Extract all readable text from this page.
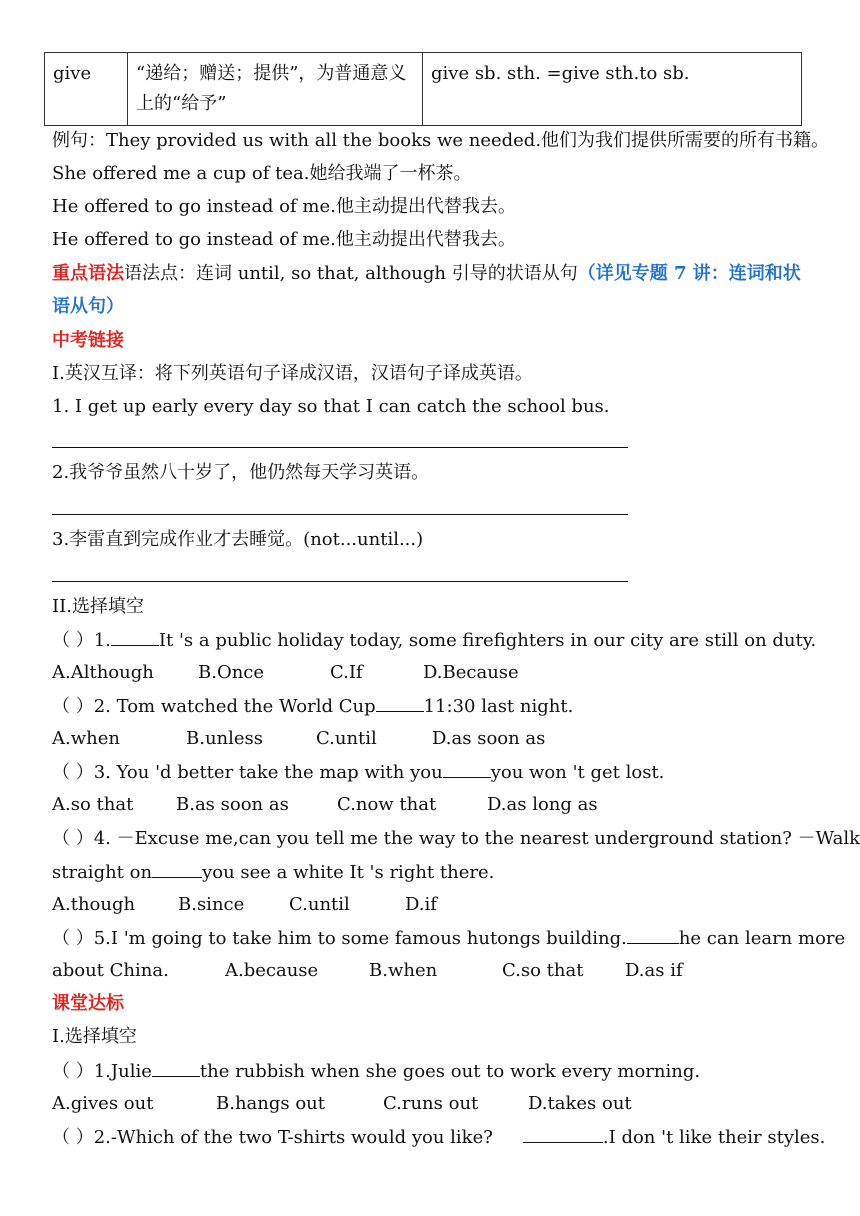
give	“递给；赠送；提供”，为普通意义上的“给予”	give sb. sth. =give sth.to sb.
例句：They provided us with all the books we needed.他们为我们提供所需要的所有书籍。
She offered me a cup of tea.她给我端了一杯茶。
He offered to go instead of me.他主动提出代替我去。
He offered to go instead of me.他主动提出代替我去。
重点语法语法点：连词 until, so that, although 引导的状语从句（详见专题 7 讲：连词和状语从句）
中考链接
I.英汉互译：将下列英语句子译成汉语，汉语句子译成英语。
1. I get up early every day so that I can catch the school bus.
2.我爷爷虽然八十岁了，他仍然每天学习英语。
3.李雷直到完成作业才去睡觉。(not...until...)
II.选择填空
（ ）1.	It 's a public holiday today, some firefighters in our city are still on duty.
A.Although B.Once	C.If	D.Because
（ ）2. Tom watched the World Cup	11:30 last night.
A.when	B.unless	C.until	D.as soon as
（ ）3. You 'd better take the map with you	you won 't get lost.
A.so that B.as soon as	C.now that	D.as long as
（ ）4. －Excuse me,can you tell me the way to the nearest underground station? －Walk
straight on	you see a white It 's right there.
A.though B.since C.until	D.if
（ ）5.I 'm going to take him to some famous hutongs building.	he can learn more
about China.	A.because	B.when	C.so that D.as if
课堂达标
I.选择填空
（ ）1.Julie	the rubbish when she goes out to work every morning.
A.gives out	B.hangs out	C.runs out	D.takes out
（ ）2.-Which of the two T-shirts would you like?	.I don 't like their styles.
